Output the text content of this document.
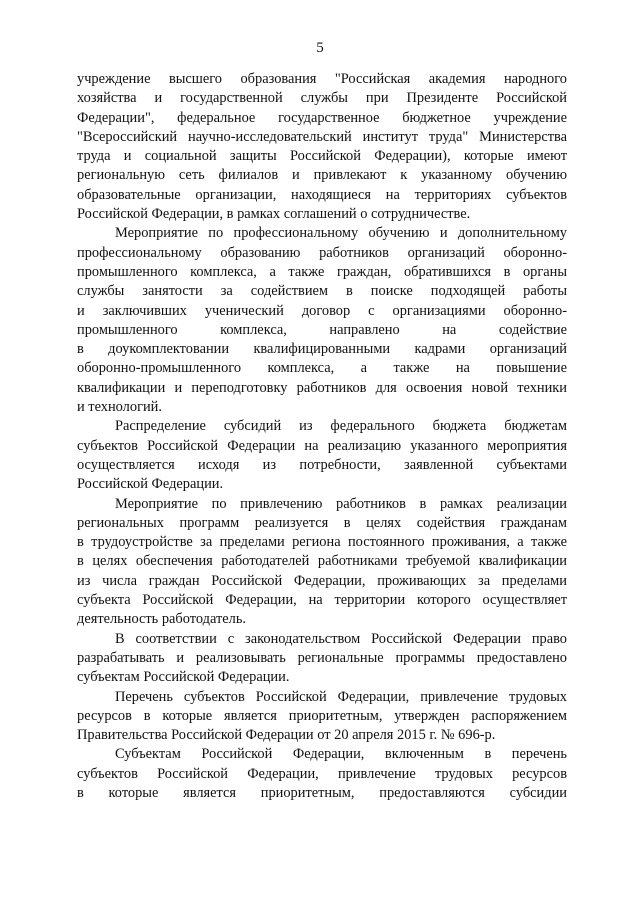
5
учреждение высшего образования "Российская академия народного
хозяйства и государственной службы при Президенте Российской
Федерации", федеральное государственное бюджетное учреждение
"Всероссийский научно-исследовательский институт труда" Министерства
труда и социальной защиты Российской Федерации), которые имеют
региональную сеть филиалов и привлекают к указанному обучению
образовательные организации, находящиеся на территориях субъектов
Российской Федерации, в рамках соглашений о сотрудничестве.
Мероприятие по профессиональному обучению и дополнительному
профессиональному образованию работников организаций оборонно-
промышленного комплекса, а также граждан, обратившихся в органы
службы занятости за содействием в поиске подходящей работы
и заключивших ученический договор с организациями оборонно-
промышленного комплекса, направлено на содействие
в доукомплектовании квалифицированными кадрами организаций
оборонно-промышленного комплекса, а также на повышение
квалификации и переподготовку работников для освоения новой техники
и технологий.
Распределение субсидий из федерального бюджета бюджетам
субъектов Российской Федерации на реализацию указанного мероприятия
осуществляется исходя из потребности, заявленной субъектами
Российской Федерации.
Мероприятие по привлечению работников в рамках реализации
региональных программ реализуется в целях содействия гражданам
в трудоустройстве за пределами региона постоянного проживания, а также
в целях обеспечения работодателей работниками требуемой квалификации
из числа граждан Российской Федерации, проживающих за пределами
субъекта Российской Федерации, на территории которого осуществляет
деятельность работодатель.
В соответствии с законодательством Российской Федерации право
разрабатывать и реализовывать региональные программы предоставлено
субъектам Российской Федерации.
Перечень субъектов Российской Федерации, привлечение трудовых
ресурсов в которые является приоритетным, утвержден распоряжением
Правительства Российской Федерации от 20 апреля 2015 г. № 696-р.
Субъектам Российской Федерации, включенным в перечень
субъектов Российской Федерации, привлечение трудовых ресурсов
в которые является приоритетным, предоставляются субсидии
